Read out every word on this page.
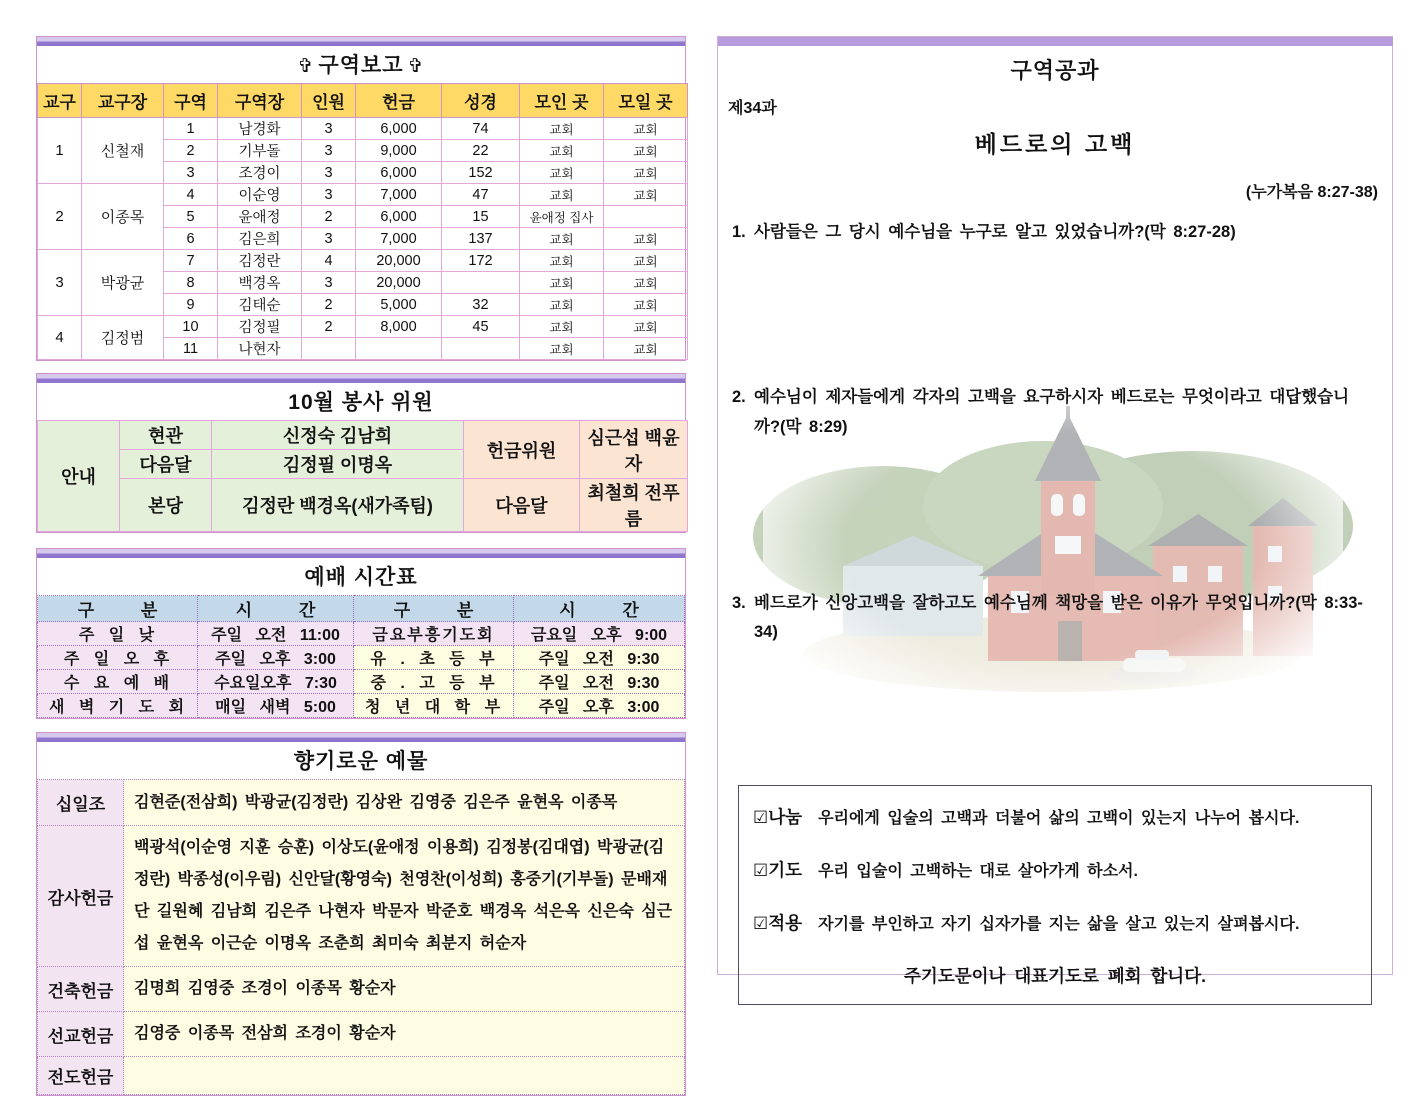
✞ 구역보고 ✞
교구	교구장	구역	구역장	인원	헌금	성경	모인 곳	모일 곳
1	신철재	1	남경화	3	6,000	74	교회	교회
		2	기부돌	3	9,000	22	교회	교회
		3	조경이	3	6,000	152	교회	교회
2	이종목	4	이순영	3	7,000	47	교회	교회
		5	윤애정	2	6,000	15	윤애정 집사	
		6	김은희	3	7,000	137	교회	교회
3	박광균	7	김정란	4	20,000	172	교회	교회
		8	백경옥	3	20,000		교회	교회
		9	김태순	2	5,000	32	교회	교회
4	김정범	10	김정필	2	8,000	45	교회	교회
		11	나현자				교회	교회
10월 봉사 위원
안내	현관	신정숙 김남희	헌금위원	심근섭 백윤자
	다음달	김정필 이명옥		
	본당	김정란 백경옥(새가족팀)	다음달	최철희 전푸름
예배 시간표
구 분	시 간	구 분	시 간
주 일 낮	주일 오전 11:00	금요부흥기도회	금요일 오후 9:00
주 일 오 후	주일 오후 3:00	유 . 초 등 부	주일 오전 9:30
수 요 예 배	수요일오후 7:30	중 . 고 등 부	주일 오전 9:30
새 벽 기 도 회	매일 새벽 5:00	청 년 대 학 부	주일 오후 3:00
향기로운 예물
십일조	김현준(전삼희) 박광균(김정란) 김상완 김영중 김은주 윤현옥 이종목
감사헌금	백광석(이순영 지훈 승훈) 이상도(윤애정 이용희) 김정봉(김대엽) 박광균(김정란) 박종성(이우림) 신안달(황영숙) 천영찬(이성희) 홍중기(기부돌) 문배재단 길원혜 김남희 김은주 나현자 박문자 박준호 백경옥 석은옥 신은숙 심근섭 윤현옥 이근순 이명옥 조춘희 최미숙 최분지 허순자
건축헌금	김명희 김영중 조경이 이종목 황순자
선교헌금	김영중 이종목 전삼희 조경이 황순자
전도헌금	
구역공과
제34과
베드로의 고백
(누가복음 8:27-38)
1. 사람들은 그 당시 예수님을 누구로 알고 있었습니까?(막 8:27-28)
2. 예수님이 제자들에게 각자의 고백을 요구하시자 베드로는 무엇이라고 대답했습니까?(막 8:29)
3. 베드로가 신앙고백을 잘하고도 예수님께 책망을 받은 이유가 무엇입니까?(막 8:33-34)
☑ 나눔 우리에게 입술의 고백과 더불어 삶의 고백이 있는지 나누어 봅시다.
☑ 기도 우리 입술이 고백하는 대로 살아가게 하소서.
☑ 적용 자기를 부인하고 자기 십자가를 지는 삶을 살고 있는지 살펴봅시다.
주기도문이나 대표기도로 폐회 합니다.
